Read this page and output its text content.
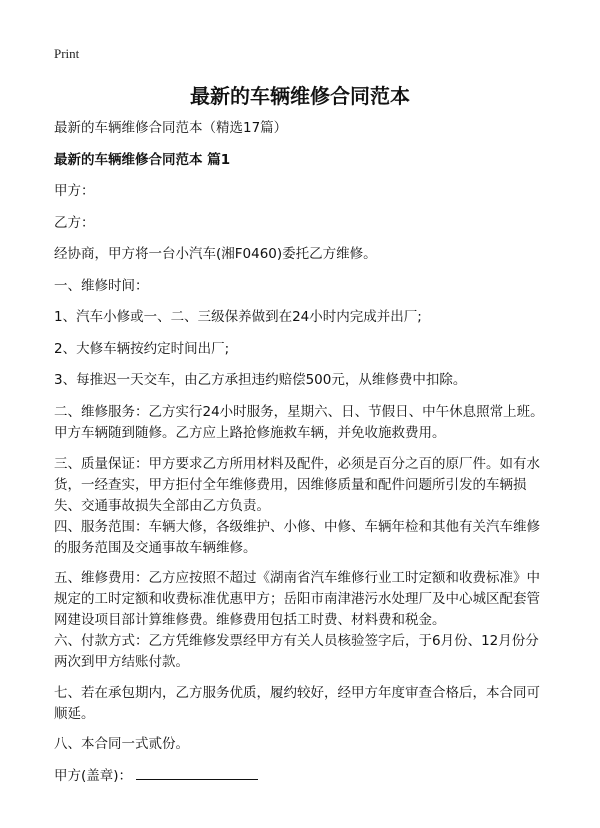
Print
最新的车辆维修合同范本

最新的车辆维修合同范本（精选17篇）

最新的车辆维修合同范本 篇1

甲方：

乙方：

经协商，甲方将一台小汽车(湘F0460)委托乙方维修。

一、维修时间：

1、汽车小修或一、二、三级保养做到在24小时内完成并出厂;

2、大修车辆按约定时间出厂;

3、每推迟一天交车，由乙方承担违约赔偿500元，从维修费中扣除。

二、维修服务：乙方实行24小时服务，星期六、日、节假日、中午休息照常上班。甲方车辆随到随修。乙方应上路抢修施救车辆，并免收施救费用。

三、质量保证：甲方要求乙方所用材料及配件，必须是百分之百的原厂件。如有水货，一经查实，甲方拒付全年维修费用，因维修质量和配件问题所引发的车辆损失、交通事故损失全部由乙方负责。

四、服务范围：车辆大修，各级维护、小修、中修、车辆年检和其他有关汽车维修的服务范围及交通事故车辆维修。

五、维修费用：乙方应按照不超过《湖南省汽车维修行业工时定额和收费标准》中规定的工时定额和收费标准优惠甲方；岳阳市南津港污水处理厂及中心城区配套管网建设项目部计算维修费。维修费用包括工时费、材料费和税金。

六、付款方式：乙方凭维修发票经甲方有关人员核验签字后，于6月份、12月份分两次到甲方结账付款。

七、若在承包期内，乙方服务优质，履约较好，经甲方年度审查合格后，本合同可顺延。

八、本合同一式贰份。

甲方(盖章)：
